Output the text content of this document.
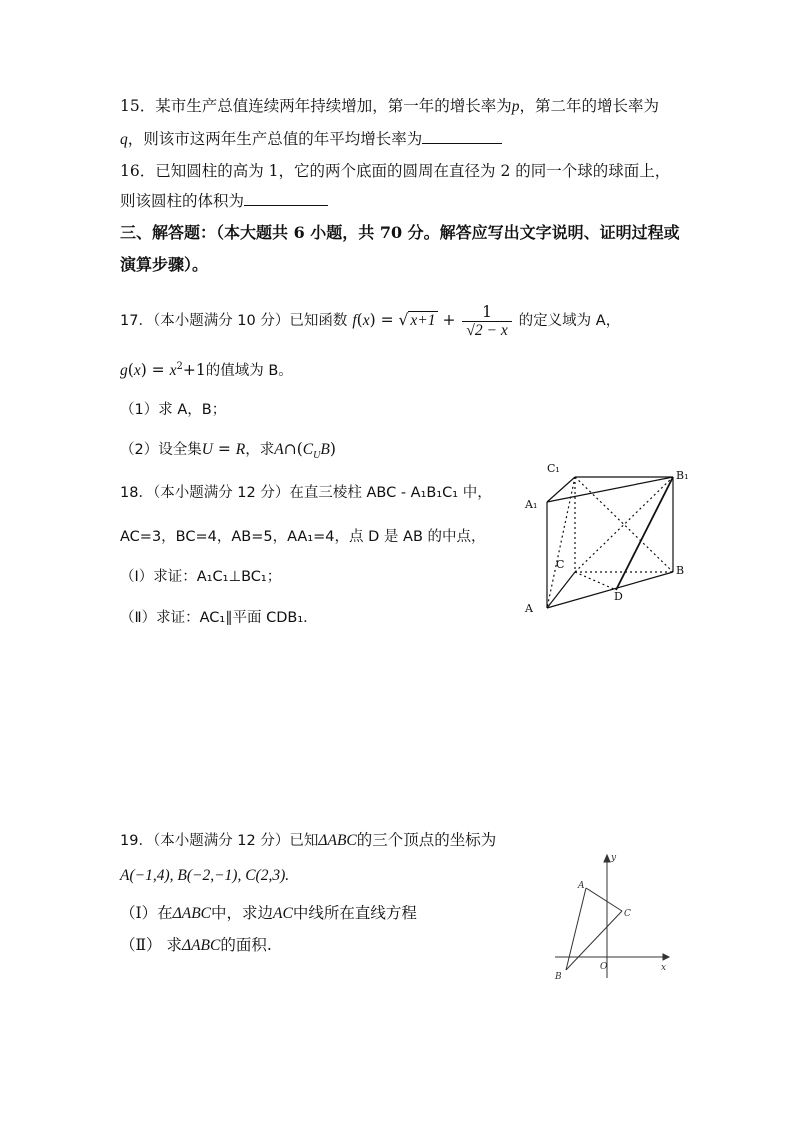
15．某市生产总值连续两年持续增加，第一年的增长率为p，第二年的增长率为
q，则该市这两年生产总值的年平均增长率为
16．已知圆柱的高为 1，它的两个底面的圆周在直径为 2 的同一个球的球面上，
则该圆柱的体积为
三、解答题：（本大题共 6 小题，共 70 分。解答应写出文字说明、证明过程或
演算步骤）。
17．（本小题满分 10 分）已知函数 f(x) = √ $x+1 + \frac{1}{√2 - x}$ 的定义域为 A，
$g(x) = x^2+1$的值域为 B。
（1）求 A，B；
（2）设全集U = R，求$A\cap(C_UB)$
18．（本小题满分 12 分）在直三棱柱 ABC - A₁B₁C₁ 中，
AC=3，BC=4，AB=5，AA₁=4，点 D 是 AB 的中点，
（Ⅰ）求证：A₁C₁⊥BC₁；
（Ⅱ）求证：AC₁∥平面 CDB₁．
C₁
B₁
A₁
C	B
A
D
19．（本小题满分 12 分）已知ΔABC的三个顶点的坐标为
A(−1,4), B(−2,−1), C(2,3).
（Ⅰ）在ΔABC中，求边AC中线所在直线方程
（Ⅱ） 求ΔABC的面积.
y
x
A
B
C
O
